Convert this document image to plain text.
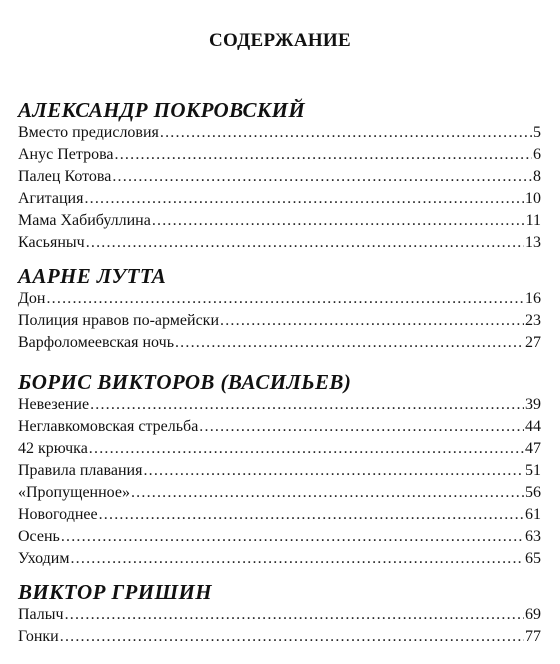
СОДЕРЖАНИЕ
АЛЕКСАНДР ПОКРОВСКИЙ
Вместо предисловия .....	5
Анус Петрова .....	6
Палец Котова .....	8
Агитация .....	10
Мама Хабибуллина .....	11
Касьяныч .....	13
ААРНЕ ЛУТТА
Дон .....	16
Полиция нравов по-армейски .....	23
Варфоломеевская ночь .....	27
БОРИС ВИКТОРОВ (ВАСИЛЬЕВ)
Невезение .....	39
Неглавкомовская стрельба .....	44
42 крючка .....	47
Правила плавания .....	51
«Пропущенное» .....	56
Новогоднее .....	61
Осень .....	63
Уходим .....	65
ВИКТОР ГРИШИН
Палыч .....	69
Гонки .....	77
